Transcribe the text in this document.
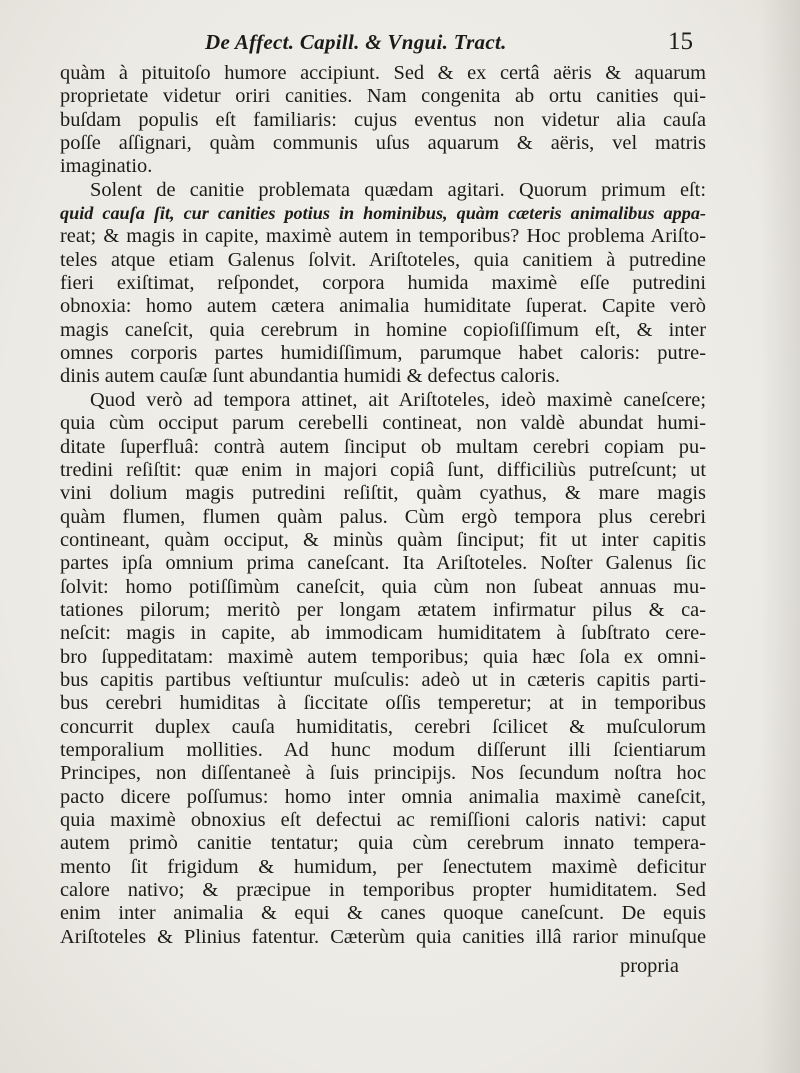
De Affect. Capill. & Vngui. Tract.	15
quàm à pituitoſo humore accipiunt. Sed & ex certâ aëris & aquarum
proprietate videtur oriri canities. Nam congenita ab ortu canities qui-
buſdam populis eſt familiaris: cujus eventus non videtur alia cauſa
poſſe aſſignari, quàm communis uſus aquarum & aëris, vel matris
imaginatio.
Solent de canitie problemata quædam agitari. Quorum primum eſt:
quid cauſa ſit, cur canities potius in hominibus, quàm cæteris animalibus appa-
reat; & magis in capite, maximè autem in temporibus? Hoc problema Ariſto-
teles atque etiam Galenus ſolvit. Ariſtoteles, quia canitiem à putredine
fieri exiſtimat, reſpondet, corpora humida maximè eſſe putredini
obnoxia: homo autem cætera animalia humiditate ſuperat. Capite verò
magis caneſcit, quia cerebrum in homine copioſiſſimum eſt, & inter
omnes corporis partes humidiſſimum, parumque habet caloris: putre-
dinis autem cauſæ ſunt abundantia humidi & defectus caloris.
Quod verò ad tempora attinet, ait Ariſtoteles, ideò maximè caneſcere;
quia cùm occiput parum cerebelli contineat, non valdè abundat humi-
ditate ſuperfluâ: contrà autem ſinciput ob multam cerebri copiam pu-
tredini reſiſtit: quæ enim in majori copiâ ſunt, difficiliùs putreſcunt; ut
vini dolium magis putredini reſiſtit, quàm cyathus, & mare magis
quàm flumen, flumen quàm palus. Cùm ergò tempora plus cerebri
contineant, quàm occiput, & minùs quàm ſinciput; fit ut inter capitis
partes ipſa omnium prima caneſcant. Ita Ariſtoteles. Noſter Galenus ſic
ſolvit: homo potiſſimùm caneſcit, quia cùm non ſubeat annuas mu-
tationes pilorum; meritò per longam ætatem infirmatur pilus & ca-
neſcit: magis in capite, ab immodicam humiditatem à ſubſtrato cere-
bro ſuppeditatam: maximè autem temporibus; quia hæc ſola ex omni-
bus capitis partibus veſtiuntur muſculis: adeò ut in cæteris capitis parti-
bus cerebri humiditas à ſiccitate oſſis temperetur; at in temporibus
concurrit duplex cauſa humiditatis, cerebri ſcilicet & muſculorum
temporalium mollities. Ad hunc modum diſſerunt illi ſcientiarum
Principes, non diſſentaneè à ſuis principijs. Nos ſecundum noſtra hoc
pacto dicere poſſumus: homo inter omnia animalia maximè caneſcit,
quia maximè obnoxius eſt defectui ac remiſſioni caloris nativi: caput
autem primò canitie tentatur; quia cùm cerebrum innato tempera-
mento ſit frigidum & humidum, per ſenectutem maximè deficitur
calore nativo; & præcipue in temporibus propter humiditatem. Sed
enim inter animalia & equi & canes quoque caneſcunt. De equis
Ariſtoteles & Plinius fatentur. Cæterùm quia canities illâ rarior minuſque
propria
